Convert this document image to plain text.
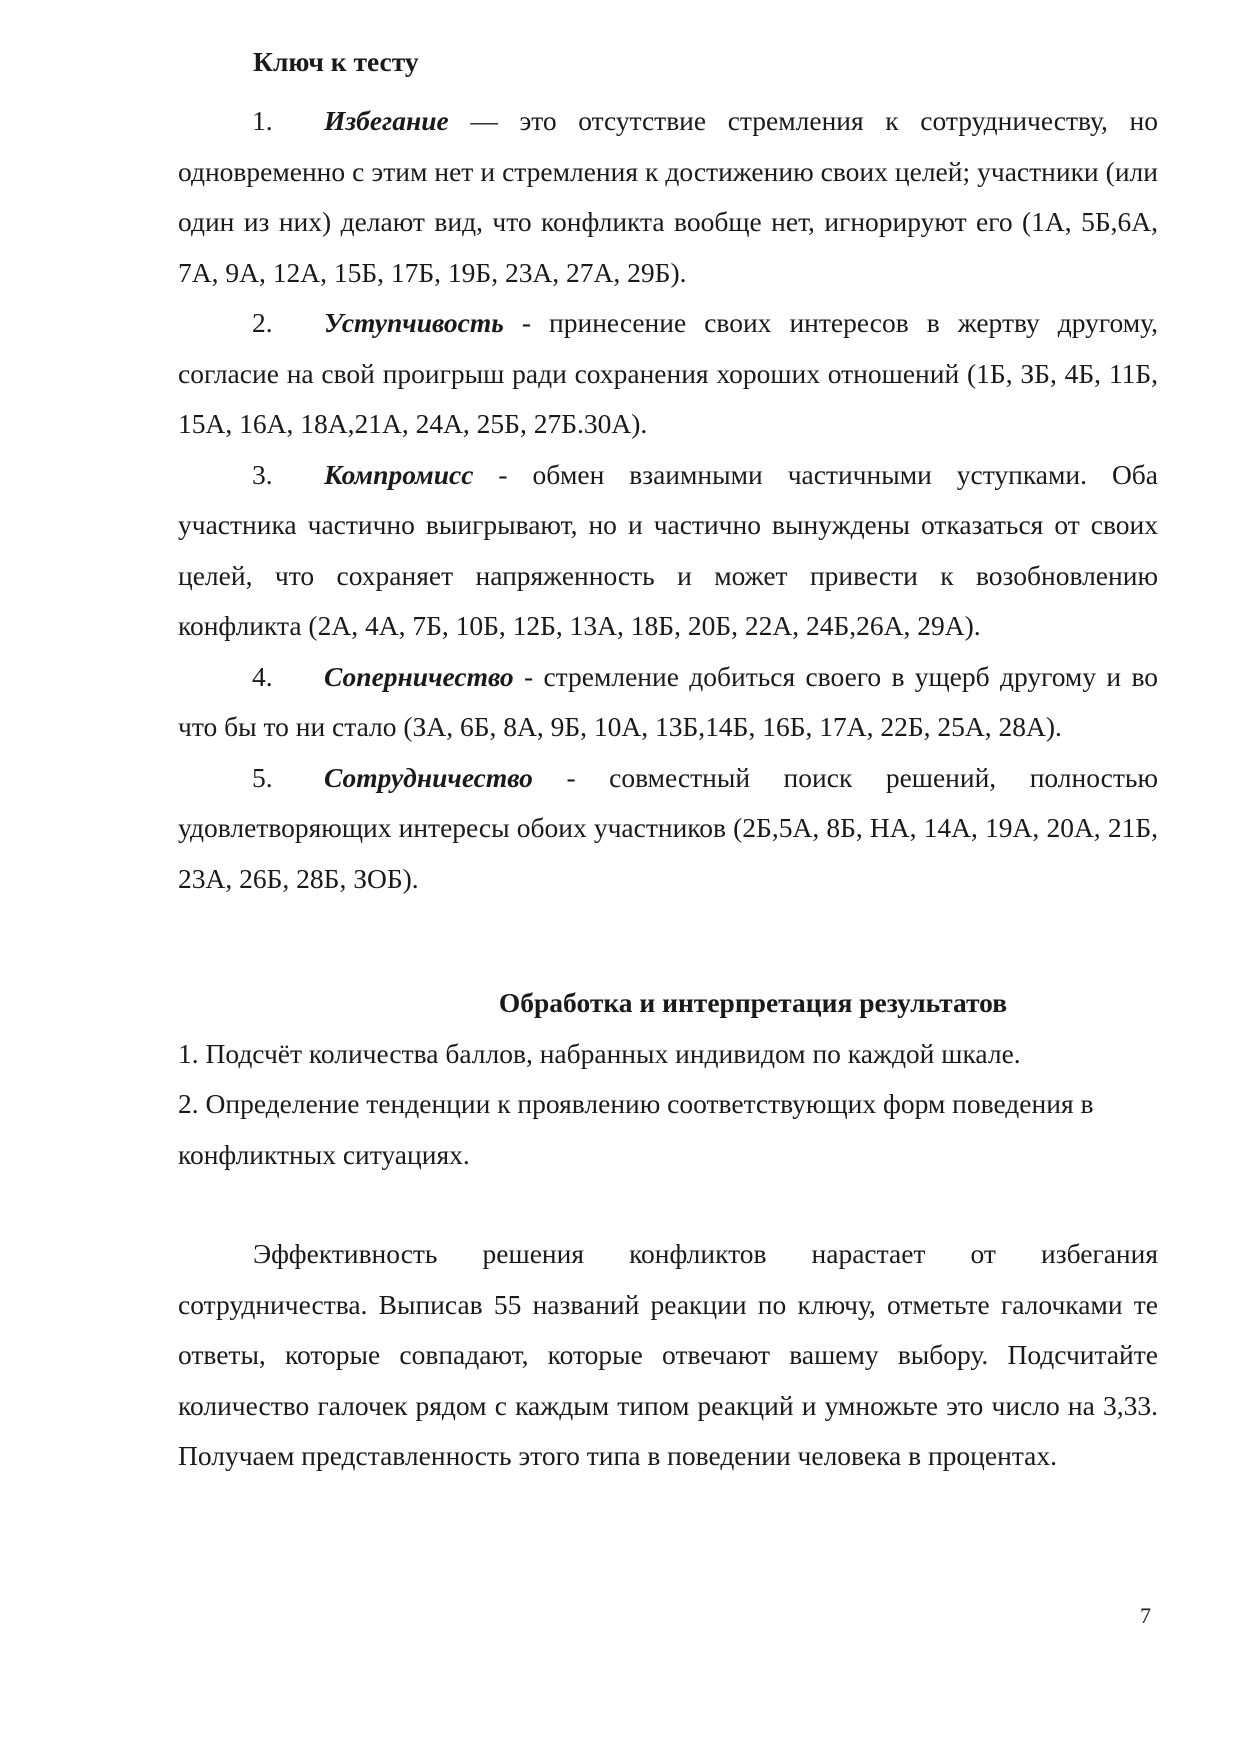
Ключ к тесту

1. Избегание — это отсутствие стремления к сотрудничеству, но одновременно с этим нет и стремления к достижению своих целей; участники (или один из них) делают вид, что конфликта вообще нет, игнорируют его (1А, 5Б,6А, 7А, 9А, 12А, 15Б, 17Б, 19Б, 23А, 27А, 29Б).

2. Уступчивость - принесение своих интересов в жертву другому, согласие на свой проигрыш ради сохранения хороших отношений (1Б, ЗБ, 4Б, 11Б, 15А, 16А, 18А,21А, 24А, 25Б, 27Б.30А).

3. Компромисс - обмен взаимными частичными уступками. Оба участника частично выигрывают, но и частично вынуждены отказаться от своих целей, что сохраняет напряженность и может привести к возобновлению конфликта (2А, 4А, 7Б, 10Б, 12Б, 13А, 18Б, 20Б, 22А, 24Б,26А, 29А).

4. Соперничество - стремление добиться своего в ущерб другому и во что бы то ни стало (ЗА, 6Б, 8А, 9Б, 10А, 13Б,14Б, 16Б, 17А, 22Б, 25А, 28А).

5. Сотрудничество - совместный поиск решений, полностью удовлетворяющих интересы обоих участников (2Б,5А, 8Б, НА, 14А, 19А, 20А, 21Б, 23А, 26Б, 28Б, ЗОБ).

Обработка и интерпретация результатов

1. Подсчёт количества баллов, набранных индивидом по каждой шкале.

2. Определение тенденции к проявлению соответствующих форм поведения в конфликтных ситуациях.

Эффективность решения конфликтов нарастает от избегания сотрудничества. Выписав 55 названий реакции по ключу, отметьте галочками те ответы, которые совпадают, которые отвечают вашему выбору. Подсчитайте количество галочек рядом с каждым типом реакций и умножьте это число на 3,33. Получаем представленность этого типа в поведении человека в процентах.

7
